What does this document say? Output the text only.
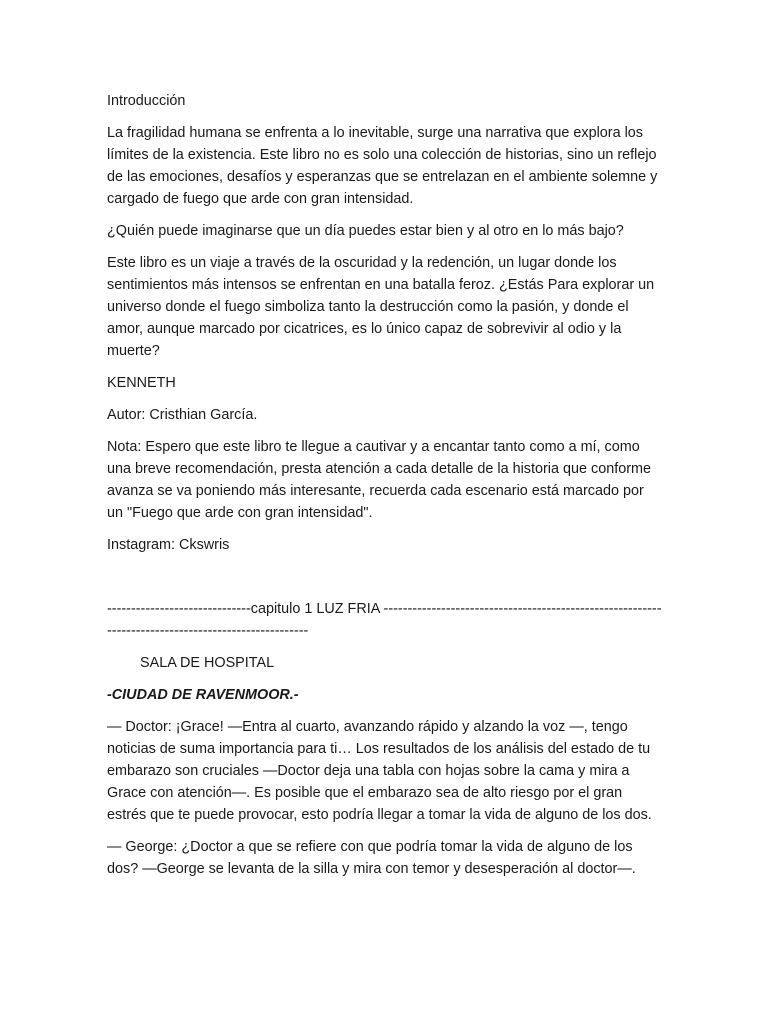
Introducción

La fragilidad humana se enfrenta a lo inevitable, surge una narrativa que explora los límites de la existencia. Este libro no es solo una colección de historias, sino un reflejo de las emociones, desafíos y esperanzas que se entrelazan en el ambiente solemne y cargado de fuego que arde con gran intensidad.

¿Quién puede imaginarse que un día puedes estar bien y al otro en lo más bajo?

Este libro es un viaje a través de la oscuridad y la redención, un lugar donde los sentimientos más intensos se enfrentan en una batalla feroz. ¿Estás Para explorar un universo donde el fuego simboliza tanto la destrucción como la pasión, y donde el amor, aunque marcado por cicatrices, es lo único capaz de sobrevivir al odio y la muerte?

KENNETH

Autor: Cristhian García.

Nota: Espero que este libro te llegue a cautivar y a encantar tanto como a mí, como una breve recomendación, presta atención a cada detalle de la historia que conforme avanza se va poniendo más interesante, recuerda cada escenario está marcado por un "Fuego que arde con gran intensidad".

Instagram: Ckswris

------------------------------capitulo 1 LUZ FRIA ----------------------------------------------------------------------------------------------------

SALA DE HOSPITAL

-CIUDAD DE RAVENMOOR.-

— Doctor: ¡Grace! —Entra al cuarto, avanzando rápido y alzando la voz —, tengo noticias de suma importancia para ti… Los resultados de los análisis del estado de tu embarazo son cruciales —Doctor deja una tabla con hojas sobre la cama y mira a Grace con atención—. Es posible que el embarazo sea de alto riesgo por el gran estrés que te puede provocar, esto podría llegar a tomar la vida de alguno de los dos.

— George: ¿Doctor a que se refiere con que podría tomar la vida de alguno de los dos? —George se levanta de la silla y mira con temor y desesperación al doctor—.
